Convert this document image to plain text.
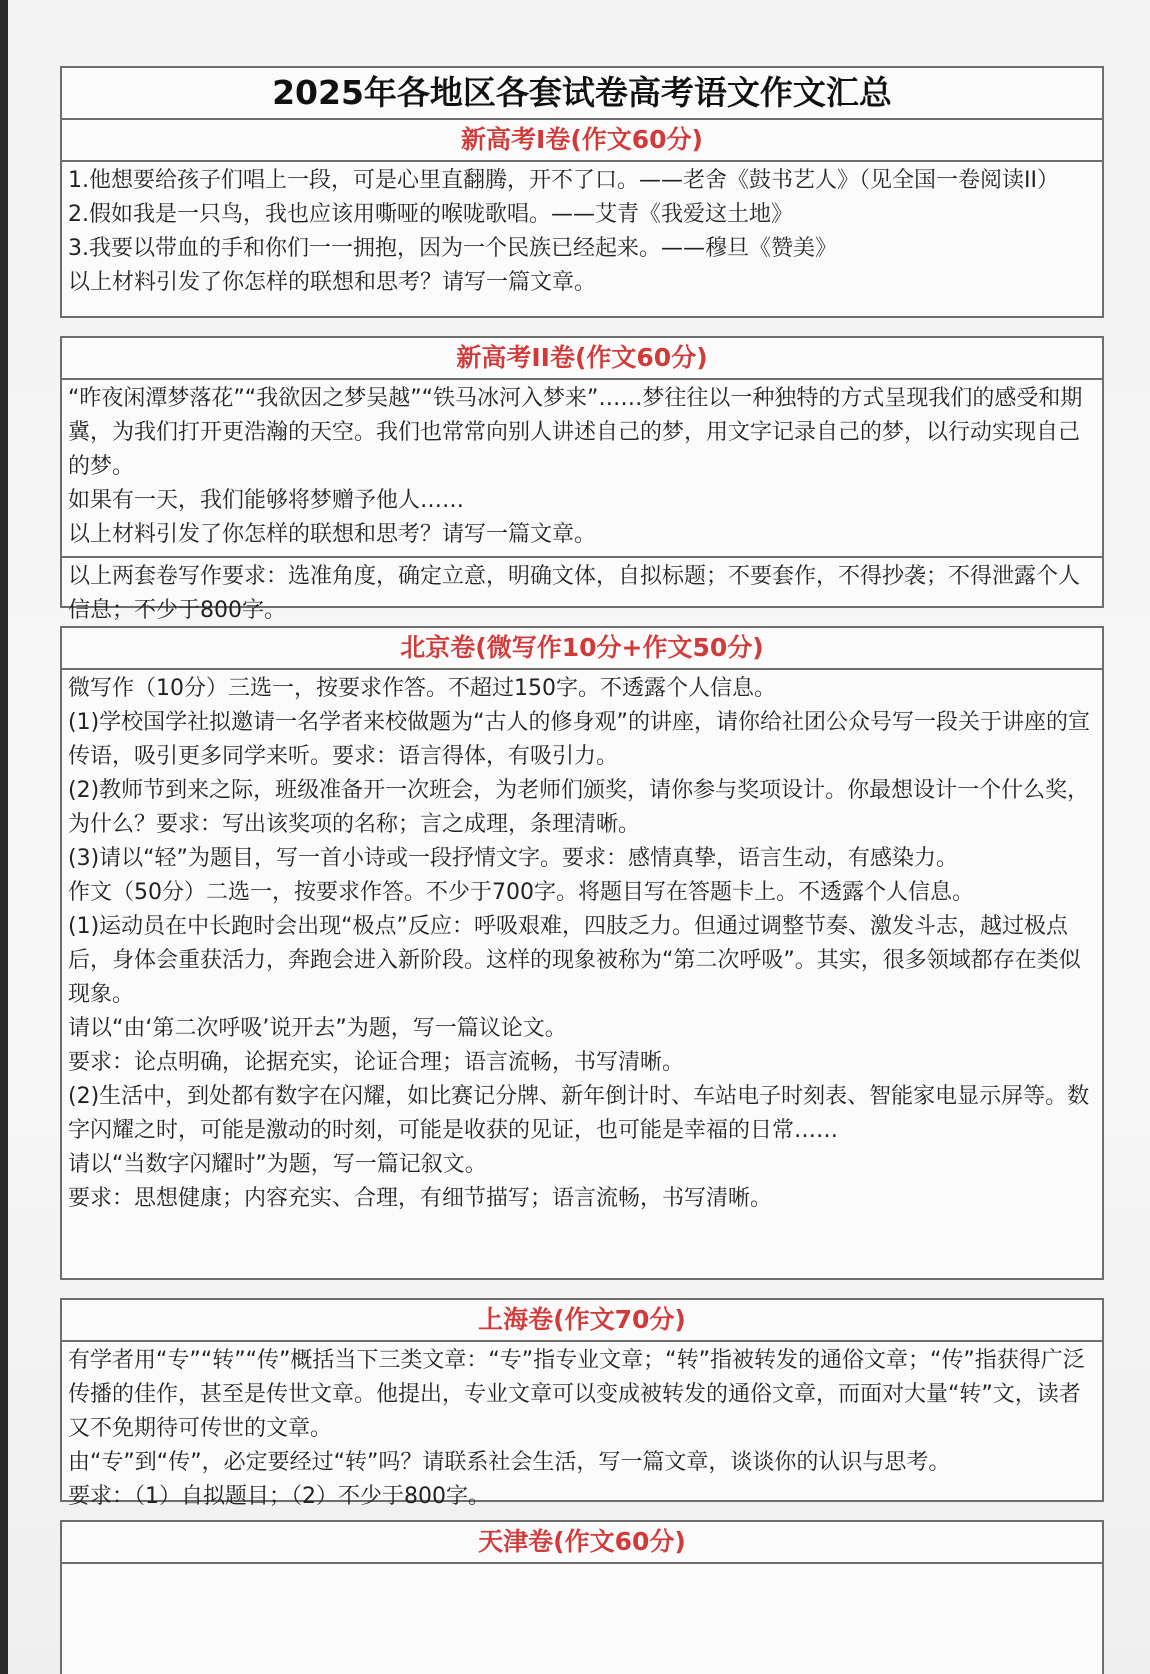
2025年各地区各套试卷高考语文作文汇总
新高考I卷(作文60分)

1.他想要给孩子们唱上一段，可是心里直翻腾，开不了口。——老舍《鼓书艺人》（见全国一卷阅读II）

2.假如我是一只鸟，我也应该用嘶哑的喉咙歌唱。——艾青《我爱这土地》

3.我要以带血的手和你们一一拥抱，因为一个民族已经起来。——穆旦《赞美》

以上材料引发了你怎样的联想和思考？请写一篇文章。

新高考II卷(作文60分)

“昨夜闲潭梦落花”“我欲因之梦吴越”“铁马冰河入梦来”……梦往往以一种独特的方式呈现我们的感受和期冀，为我们打开更浩瀚的天空。我们也常常向别人讲述自己的梦，用文字记录自己的梦，以行动实现自己的梦。

如果有一天，我们能够将梦赠予他人……

以上材料引发了你怎样的联想和思考？请写一篇文章。

以上两套卷写作要求：选准角度，确定立意，明确文体，自拟标题；不要套作，不得抄袭；不得泄露个人信息；不少于800字。

北京卷(微写作10分+作文50分)

微写作（10分）三选一，按要求作答。不超过150字。不透露个人信息。

(1)学校国学社拟邀请一名学者来校做题为“古人的修身观”的讲座，请你给社团公众号写一段关于讲座的宣传语，吸引更多同学来听。要求：语言得体，有吸引力。

(2)教师节到来之际，班级准备开一次班会，为老师们颁奖，请你参与奖项设计。你最想设计一个什么奖，为什么？要求：写出该奖项的名称；言之成理，条理清晰。

(3)请以“轻”为题目，写一首小诗或一段抒情文字。要求：感情真挚，语言生动，有感染力。

作文（50分）二选一，按要求作答。不少于700字。将题目写在答题卡上。不透露个人信息。

(1)运动员在中长跑时会出现“极点”反应：呼吸艰难，四肢乏力。但通过调整节奏、激发斗志，越过极点后，身体会重获活力，奔跑会进入新阶段。这样的现象被称为“第二次呼吸”。其实，很多领域都存在类似现象。

请以“由‘第二次呼吸’说开去”为题，写一篇议论文。

要求：论点明确，论据充实，论证合理；语言流畅，书写清晰。

(2)生活中，到处都有数字在闪耀，如比赛记分牌、新年倒计时、车站电子时刻表、智能家电显示屏等。数字闪耀之时，可能是激动的时刻，可能是收获的见证，也可能是幸福的日常……

请以“当数字闪耀时”为题，写一篇记叙文。

要求：思想健康；内容充实、合理，有细节描写；语言流畅，书写清晰。

上海卷(作文70分)

有学者用“专”“转”“传”概括当下三类文章：“专”指专业文章；“转”指被转发的通俗文章；“传”指获得广泛传播的佳作，甚至是传世文章。他提出，专业文章可以变成被转发的通俗文章，而面对大量“转”文，读者又不免期待可传世的文章。

由“专”到“传”，必定要经过“转”吗？请联系社会生活，写一篇文章，谈谈你的认识与思考。

要求：（1）自拟题目；（2）不少于800字。

天津卷(作文60分)
